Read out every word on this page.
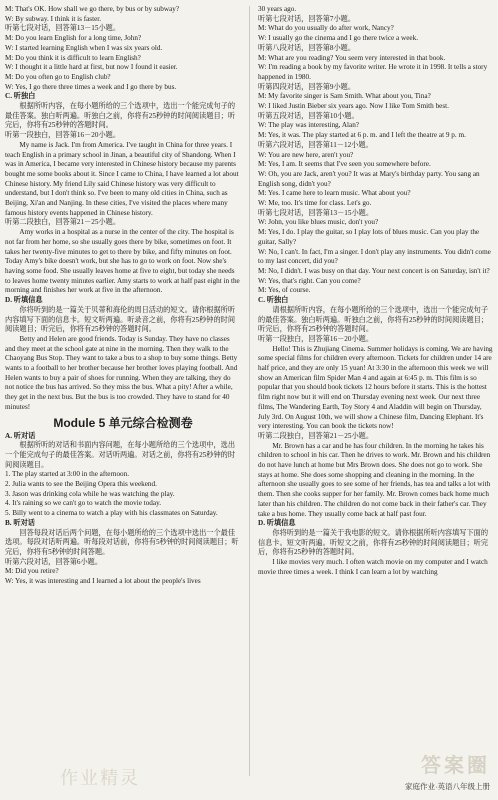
M: That's OK. How shall we go there, by bus or by subway?
W: By subway. I think it is faster.
听第七段对话，回答第13－15小题。
M: Do you learn English for a long time, John?
W: I started learning English when I was six years old.
M: Do you think it is difficult to learn English?
W: I thought it a little hard at first, but now I found it easier.
M: Do you often go to English club?
W: Yes, I go there three times a week and I go there by bus.
C. 听独白
　　根据所听内容，在每小题所给的三个选项中，选出一个能完成句子的最佳答案。独白听两遍。听独白之前，你将有25秒钟的时间阅读题目；听完后，你将有25秒钟的答题时间。
听第一段独白，回答第16－20小题。
　　My name is Jack. I'm from America. I've taught in China for three years. I teach English in a primary school in Jinan, a beautiful city of Shandong. When I was in America, I became very interested in Chinese history because my parents bought me some books about it. Since I came to China, I have learned a lot about Chinese history. My friend Lily said Chinese history was very difficult to understand, but I don't think so. I've been to many old cities in China, such as Beijing, Xi'an and Nanjing. In these cities, I've visited the places where many famous history events happened in Chinese history.
听第二段独白，回答第21－25小题。
　　Amy works in a hospital as a nurse in the center of the city. The hospital is not far from her home, so she usually goes there by bike, sometimes on foot. It takes her twenty-five minutes to get to there by bike, and fifty minutes on foot. Today Amy's bike doesn't work, but she has to go to work on foot. Now she's having some food. She usually leaves home at five to eight, but today she needs to leaves home twenty minutes earlier. Amy starts to work at half past eight in the morning and finishes her work at five in the afternoon.
D. 听填信息
　　你将听到的是一篇关于贝蒂和海伦的周日活动的短文。请你根据所听内容填写下面的信息卡。短文听两遍。听录音之前，你将有25秒钟的时间阅读题目；听完后，你将有25秒钟的答题时间。
　　Betty and Helen are good friends. Today is Sunday. They have no classes and they meet at the school gate at nine in the morning. Then they walk to the Chaoyang Bus Stop. They want to take a bus to a shop to buy some things. Betty wants to a football to her brother because her brother loves playing football. And Helen wants to buy a pair of shoes for running. When they are talking, they do not notice the bus has arrived. So they miss the bus. What a pity! After a while, they get in the next bus. But the bus is too crowded. They have to stand for 40 minutes!
Module 5 单元综合检测卷
A. 听对话
　　根据所听的对话和书面内容问题，在每小题所给的三个选项中，选出一个能完成句子的最佳答案。对话听两遍。对话之前，你将有25秒钟的时间阅读题目。
1. The play started at 3:00 in the afternoon.
2. Julia wants to see the Beijing Opera this weekend.
3. Jason was drinking cola while he was watching the play.
4. It's raining so we can't go to watch the movie today.
5. Billy went to a cinema to watch a play with his classmates on Saturday.
B. 听对话
　　回答每段对话后两个问题，在每小题所给的三个选项中选出一个最佳选项。每段对话听两遍。听每段对话前，你将有5秒钟的时间阅读题目；听完后，你将有5秒钟的时间答题。
听第六段对话，回答第6小题。
M: Did you retire?
W: Yes, it was interesting and I learned a lot about the people's lives
30 years ago.
听第七段对话，回答第7小题。
M: What do you usually do after work, Nancy?
W: I usually go the cinema and I go there twice a week.
听第八段对话，回答第8小题。
M: What are you reading? You seem very interested in that book.
W: I'm reading a book by my favorite writer. He wrote it in 1998. It tells a story happened in 1980.
听第四段对话，回答第9小题。
M: My favorite singer is Sam Smith. What about you, Tina?
W: I liked Justin Bieber six years ago. Now I like Tom Smith best.
听第五段对话，回答第10小题。
W: The play was interesting, Alan?
M: Yes, it was. The play started at 6 p. m. and I left the theatre at 9 p. m.
听第六段对话，回答第11－12小题。
W: You are new here, aren't you?
M: Yes, I am. It seems that I've seen you somewhere before.
W: Oh, you are Jack, aren't you? It was at Mary's birthday party. You sang an English song, didn't you?
M: Yes. I came here to learn music. What about you?
W: Me, too. It's time for class. Let's go.
听第七段对话，回答第13－15小题。
W: John, you like blues music, don't you?
M: Yes, I do. I play the guitar, so I play lots of blues music. Can you play the guitar, Sally?
W: No, I can't. In fact, I'm a singer. I don't play any instruments. You didn't come to my last concert, did you?
M: No, I didn't. I was busy on that day. Your next concert is on Saturday, isn't it?
W: Yes, that's right. Can you come?
M: Yes, of course.
C. 听独白
　　请根据所听内容，在每小题所给的三个选项中，选出一个能完成句子的最佳答案。独白听两遍。听独白之前，你将有25秒钟的时间阅读题目；听完后，你将有25秒钟的答题时间。
听第一段独白，回答第16－20小题。
　　Hello! This is Zhujiang Cinema. Summer holidays is coming. We are having some special films for children every afternoon. Tickets for children under 14 are half price, and they are only 15 yuan! At 3:30 in the afternoon this week we will show an American film Spider Man 4 and again at 6:45 p. m. This film is so popular that you should book tickets 12 hours before it starts. This is the hottest film right now but it will end on Thursday evening next week. Our next three films, The Wandering Earth, Toy Story 4 and Aladdin will begin on Thursday, July 3rd. On August 10th, we will show a Chinese film, Dancing Elephant. It's very interesting. You can book the tickets now!
听第二段独白，回答第21－25小题。
　　Mr. Brown has a car and he has four children. In the morning he takes his children to school in his car. Then he drives to work. Mr. Brown and his children do not have lunch at home but Mrs Brown does. She does not go to work. She stays at home. She does some shopping and cleaning in the morning. In the afternoon she usually goes to see some of her friends, has tea and talks a lot with them. Then she cooks supper for her family. Mr. Brown comes back home much later than his children. The children do not come back in their father's car. They take a bus home. They usually come back at half past four.
D. 听填信息
　　你将听到的是一篇关于我电影的短文。请你根据所听内容填写下面的信息卡。短文听两遍。听短文之前，你将有25秒钟的时间阅读题目；听完后，你将有25秒钟的答题时间。
　　I like movies very much. I often watch movie on my computer and I watch movie three times a week. I think I can learn a lot by watching
作业精灵
答案圈
家庭作业·英语八年级上册
